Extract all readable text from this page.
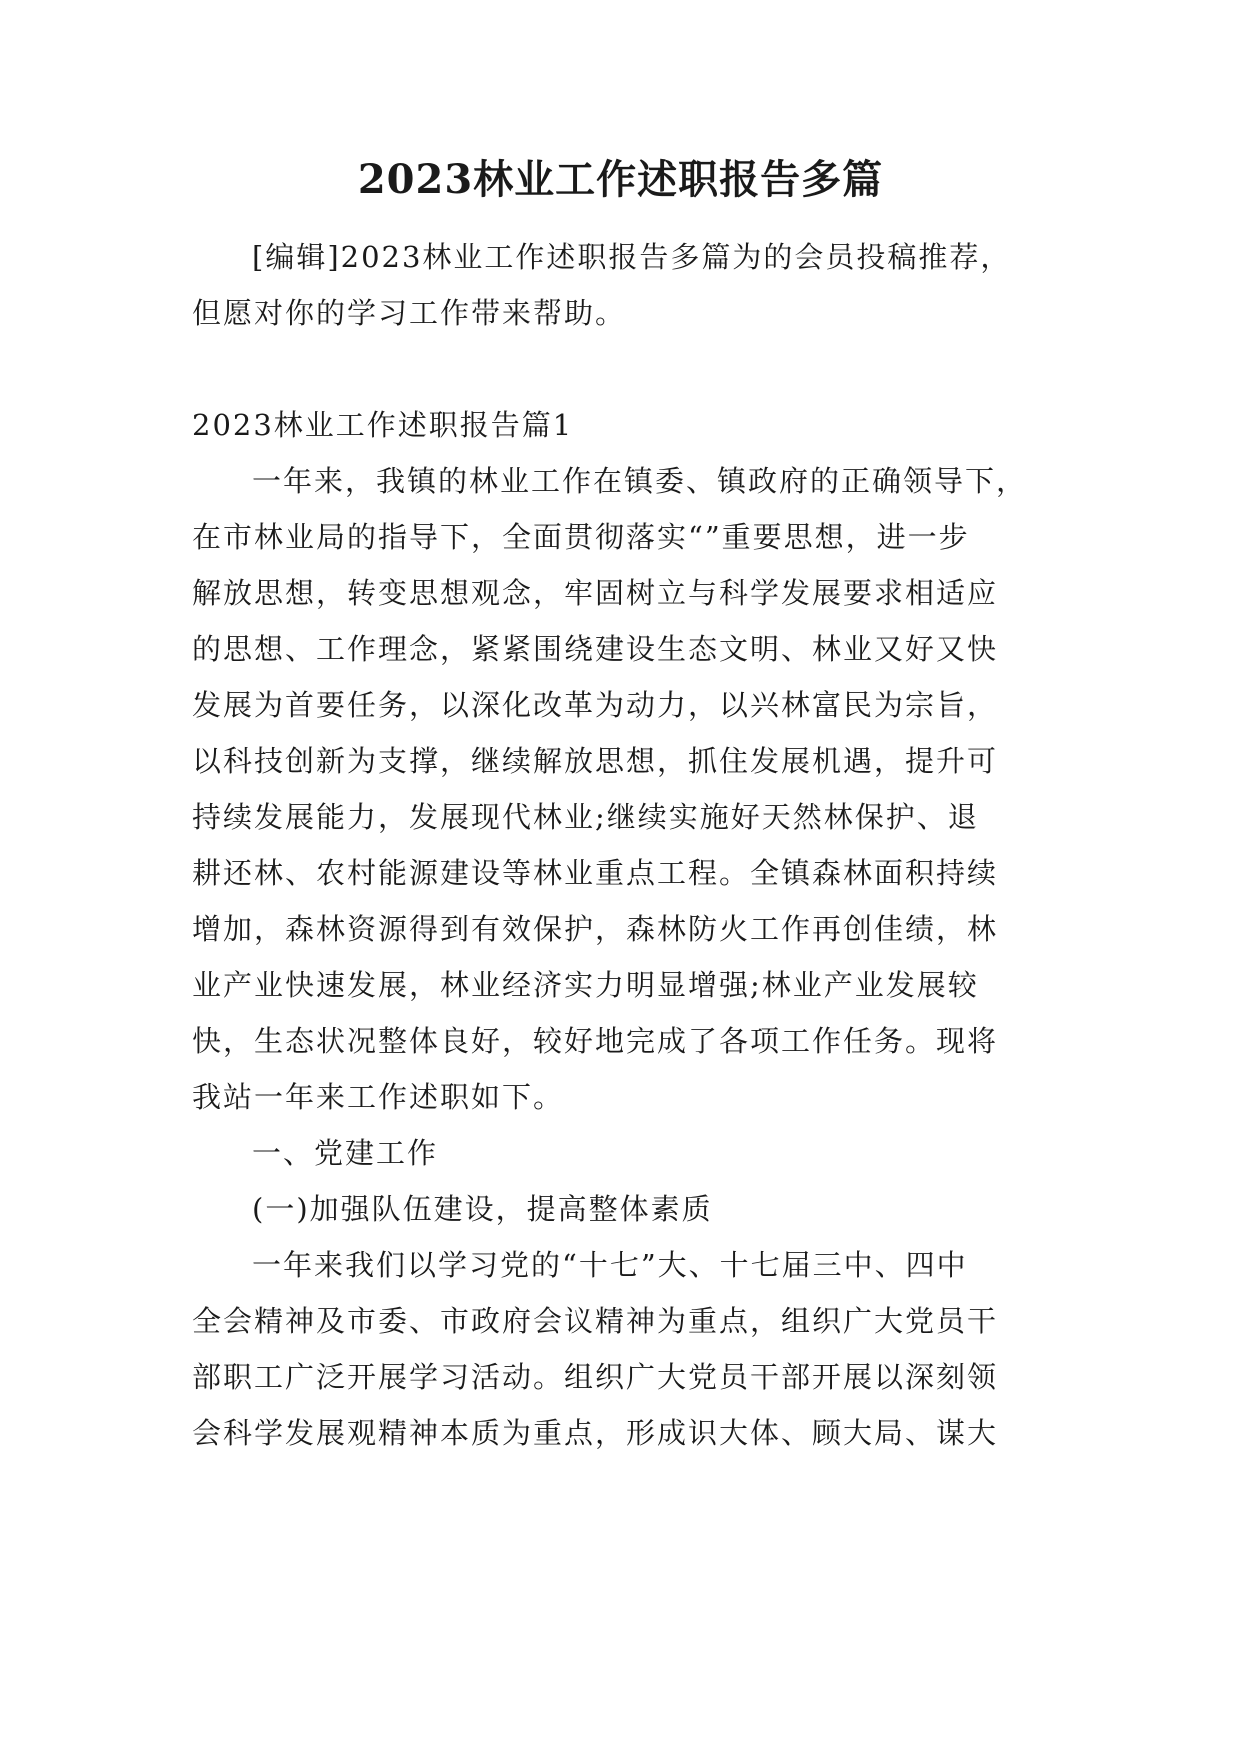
2023林业工作述职报告多篇
[编辑]2023林业工作述职报告多篇为的会员投稿推荐，
但愿对你的学习工作带来帮助。
2023林业工作述职报告篇1
一年来，我镇的林业工作在镇委、镇政府的正确领导下，
在市林业局的指导下，全面贯彻落实“”重要思想，进一步
解放思想，转变思想观念，牢固树立与科学发展要求相适应
的思想、工作理念，紧紧围绕建设生态文明、林业又好又快
发展为首要任务，以深化改革为动力，以兴林富民为宗旨，
以科技创新为支撑，继续解放思想，抓住发展机遇，提升可
持续发展能力，发展现代林业;继续实施好天然林保护、退
耕还林、农村能源建设等林业重点工程。全镇森林面积持续
增加，森林资源得到有效保护，森林防火工作再创佳绩，林
业产业快速发展，林业经济实力明显增强;林业产业发展较
快，生态状况整体良好，较好地完成了各项工作任务。现将
我站一年来工作述职如下。
一、党建工作
(一)加强队伍建设，提高整体素质
一年来我们以学习党的“十七”大、十七届三中、四中
全会精神及市委、市政府会议精神为重点，组织广大党员干
部职工广泛开展学习活动。组织广大党员干部开展以深刻领
会科学发展观精神本质为重点，形成识大体、顾大局、谋大
